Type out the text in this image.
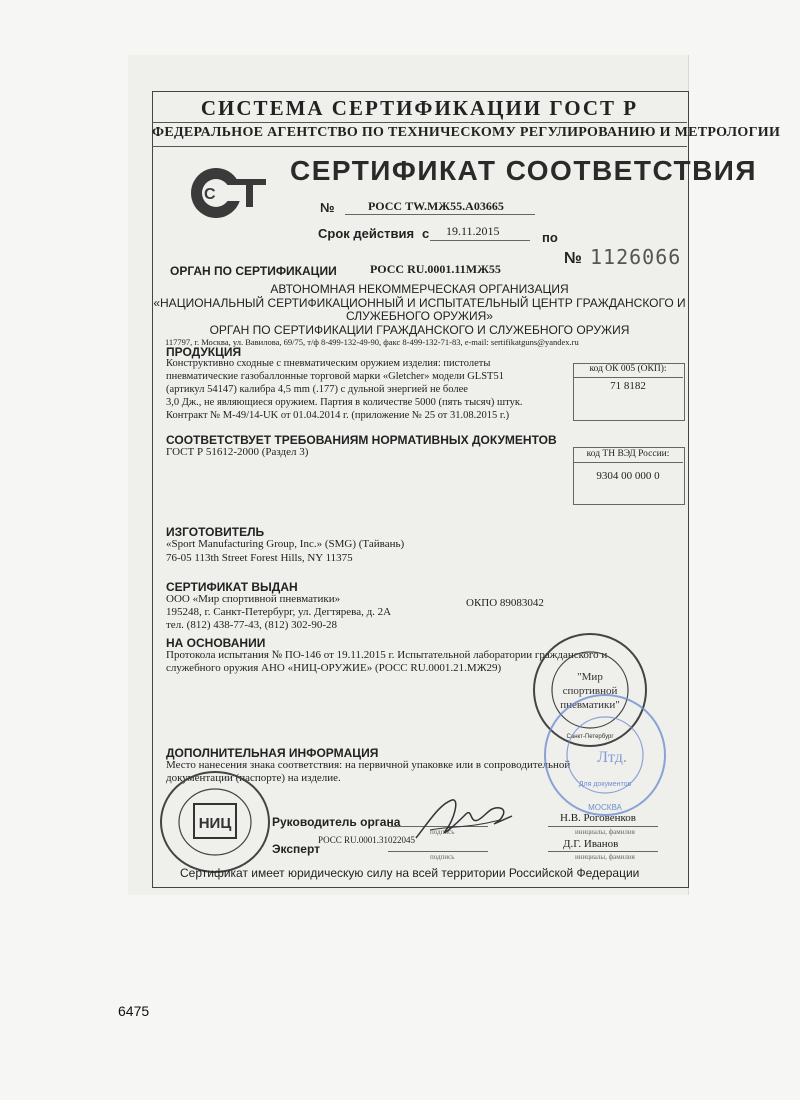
СИСТЕМА СЕРТИФИКАЦИИ ГОСТ Р
ФЕДЕРАЛЬНОЕ АГЕНТСТВО ПО ТЕХНИЧЕСКОМУ РЕГУЛИРОВАНИЮ И МЕТРОЛОГИИ
С
СЕРТИФИКАТ СООТВЕТСТВИЯ
№	РОСС TW.МЖ55.А03665
Срок действия с 19.11.2015	по
№ 1126066
ОРГАН ПО СЕРТИФИКАЦИИ	РОСС RU.0001.11МЖ55
АВТОНОМНАЯ НЕКОММЕРЧЕСКАЯ ОРГАНИЗАЦИЯ
«НАЦИОНАЛЬНЫЙ СЕРТИФИКАЦИОННЫЙ И ИСПЫТАТЕЛЬНЫЙ ЦЕНТР ГРАЖДАНСКОГО И
СЛУЖЕБНОГО ОРУЖИЯ»
ОРГАН ПО СЕРТИФИКАЦИИ ГРАЖДАНСКОГО И СЛУЖЕБНОГО ОРУЖИЯ
117797, г. Москва, ул. Вавилова, 69/75, т/ф 8-499-132-49-90, факс 8-499-132-71-83, e-mail: sertifikatguns@yandex.ru
ПРОДУКЦИЯ
Конструктивно сходные с пневматическим оружием изделия: пистолеты
пневматические газобаллонные торговой марки «Gletcher» модели GLST51
(артикул 54147) калибра 4,5 mm (.177) с дульной энергией не более
3,0 Дж., не являющиеся оружием. Партия в количестве 5000 (пять тысяч) штук.
Контракт № М-49/14-UK от 01.04.2014 г. (приложение № 25 от 31.08.2015 г.)
код ОК 005 (ОКП):
71 8182
СООТВЕТСТВУЕТ ТРЕБОВАНИЯМ НОРМАТИВНЫХ ДОКУМЕНТОВ
ГОСТ Р 51612-2000 (Раздел 3)	код ТН ВЭД России:
9304 00 000 0
ИЗГОТОВИТЕЛЬ
«Sport Manufacturing Group, Inc.» (SMG) (Тайвань)
76-05 113th Street Forest Hills, NY 11375
СЕРТИФИКАТ ВЫДАН
ООО «Мир спортивной пневматики»	ОКПО 89083042
195248, г. Санкт-Петербург, ул. Дегтярева, д. 2А
тел. (812) 438-77-43, (812) 302-90-28
НА ОСНОВАНИИ
Протокола испытания № ПО-146 от 19.11.2015 г. Испытательной лаборатории гражданского и
служебного оружия АНО «НИЦ-ОРУЖИЕ» (РОСС RU.0001.21.МЖ29)
ДОПОЛНИТЕЛЬНАЯ ИНФОРМАЦИЯ
Место нанесения знака соответствия: на первичной упаковке или в сопроводительной
документации (паспорте) на изделие.
Руководитель органа
подпись
Н.В. Роговенков
инициалы, фамилия
Эксперт
РОСС RU.0001.31022045
подпись
Д.Г. Иванов
инициалы, фамилия
"Мир
спортивной
пневматики"
Санкт-Петербург
Лтд.
Для документов
МОСКВА
НИЦ
Сертификат имеет юридическую силу на всей территории Российской Федерации
6475
